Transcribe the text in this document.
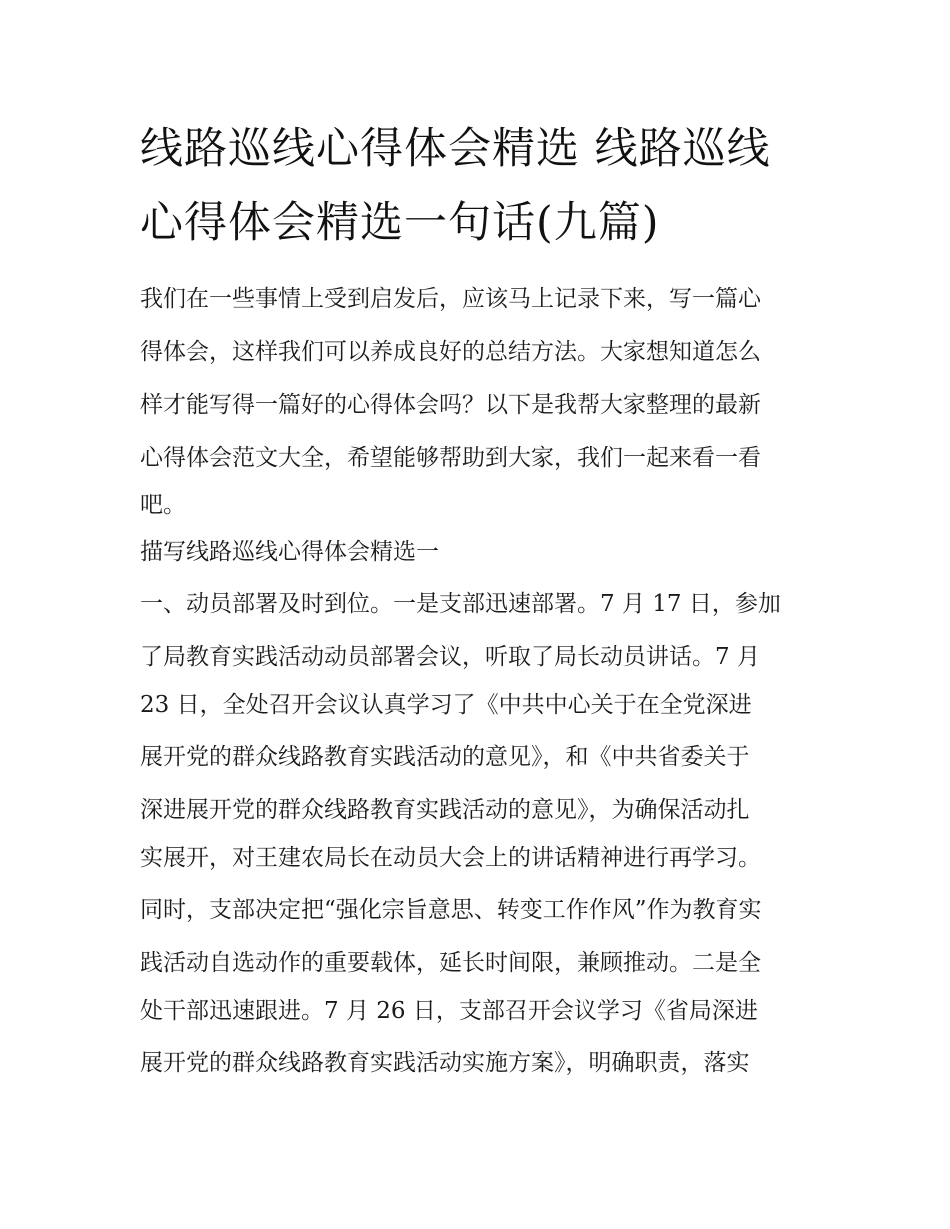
线路巡线心得体会精选 线路巡线心得体会精选一句话(九篇)

我们在一些事情上受到启发后，应该马上记录下来，写一篇心

得体会，这样我们可以养成良好的总结方法。大家想知道怎么

样才能写得一篇好的心得体会吗？以下是我帮大家整理的最新

心得体会范文大全，希望能够帮助到大家，我们一起来看一看

吧。

描写线路巡线心得体会精选一

一、动员部署及时到位。一是支部迅速部署。7 月 17 日，参加

了局教育实践活动动员部署会议，听取了局长动员讲话。7 月

23 日，全处召开会议认真学习了《中共中心关于在全党深进

展开党的群众线路教育实践活动的意见》，和《中共省委关于

深进展开党的群众线路教育实践活动的意见》，为确保活动扎

实展开，对王建农局长在动员大会上的讲话精神进行再学习。

同时，支部决定把“强化宗旨意思、转变工作作风”作为教育实

践活动自选动作的重要载体，延长时间限，兼顾推动。二是全

处干部迅速跟进。7 月 26 日，支部召开会议学习《省局深进

展开党的群众线路教育实践活动实施方案》，明确职责，落实
